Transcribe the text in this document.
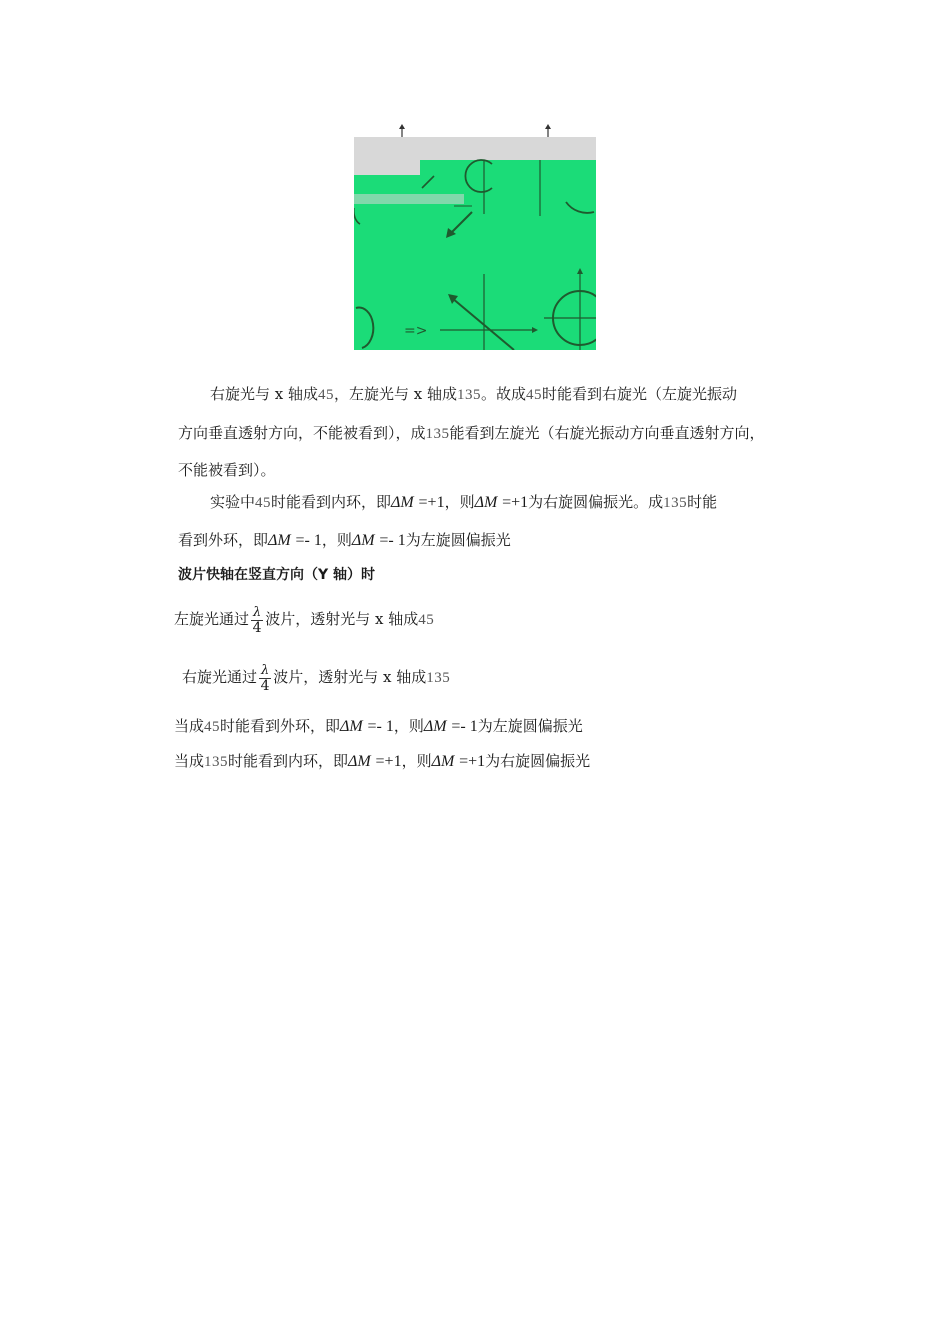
=>
右旋光与 x 轴成45，左旋光与 x 轴成135。故成45时能看到右旋光（左旋光振动
方向垂直透射方向，不能被看到），成135能看到左旋光（右旋光振动方向垂直透射方向，
不能被看到）。
实验中45时能看到内环，即ΔM =+1，则ΔM =+1为右旋圆偏振光。成135时能
看到外环，即ΔM =- 1，则ΔM =- 1为左旋圆偏振光
波片快轴在竖直方向（Y 轴）时
左旋光通过 $\frac{\lambda}{4}$ 波片，透射光与 x 轴成45
右旋光通过 $\frac{\lambda}{4}$ 波片，透射光与 x 轴成135
当成45时能看到外环，即ΔM =- 1，则ΔM =- 1为左旋圆偏振光
当成135时能看到内环，即ΔM =+1，则ΔM =+1为右旋圆偏振光
